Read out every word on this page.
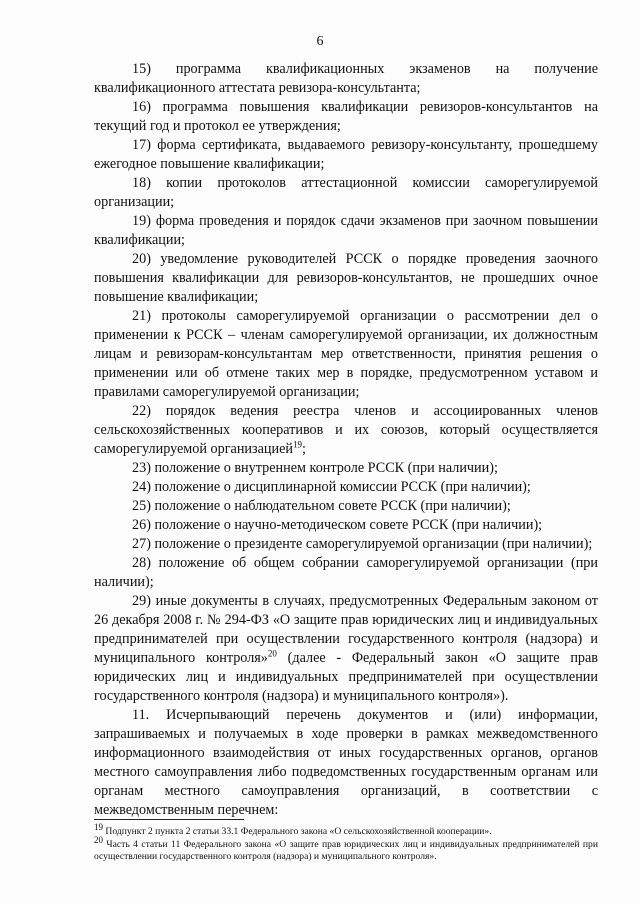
6

15) программа квалификационных экзаменов на получение квалификационного аттестата ревизора-консультанта;

16) программа повышения квалификации ревизоров-консультантов на текущий год и протокол ее утверждения;

17) форма сертификата, выдаваемого ревизору-консультанту, прошедшему ежегодное повышение квалификации;

18) копии протоколов аттестационной комиссии саморегулируемой организации;

19) форма проведения и порядок сдачи экзаменов при заочном повышении квалификации;

20) уведомление руководителей РССК о порядке проведения заочного повышения квалификации для ревизоров-консультантов, не прошедших очное повышение квалификации;

21) протоколы саморегулируемой организации о рассмотрении дел о применении к РССК – членам саморегулируемой организации, их должностным лицам и ревизорам-консультантам мер ответственности, принятия решения о применении или об отмене таких мер в порядке, предусмотренном уставом и правилами саморегулируемой организации;

22) порядок ведения реестра членов и ассоциированных членов сельскохозяйственных кооперативов и их союзов, который осуществляется саморегулируемой организацией$^{19}$;

23) положение о внутреннем контроле РССК (при наличии);

24) положение о дисциплинарной комиссии РССК (при наличии);

25) положение о наблюдательном совете РССК (при наличии);

26) положение о научно-методическом совете РССК (при наличии);

27) положение о президенте саморегулируемой организации (при наличии);

28) положение об общем собрании саморегулируемой организации (при наличии);

29) иные документы в случаях, предусмотренных Федеральным законом от 26 декабря 2008 г. № 294-ФЗ «О защите прав юридических лиц и индивидуальных предпринимателей при осуществлении государственного контроля (надзора) и муниципального контроля»$^{20}$ (далее - Федеральный закон «О защите прав юридических лиц и индивидуальных предпринимателей при осуществлении государственного контроля (надзора) и муниципального контроля»).

11. Исчерпывающий перечень документов и (или) информации, запрашиваемых и получаемых в ходе проверки в рамках межведомственного информационного взаимодействия от иных государственных органов, органов местного самоуправления либо подведомственных государственным органам или органам местного самоуправления организаций, в соответствии с межведомственным перечнем:

$^{19}$ Подпункт 2 пункта 2 статьи 33.1 Федерального закона «О сельскохозяйственной кооперации».

$^{20}$ Часть 4 статьи 11 Федерального закона «О защите прав юридических лиц и индивидуальных предпринимателей при осуществлении государственного контроля (надзора) и муниципального контроля».
